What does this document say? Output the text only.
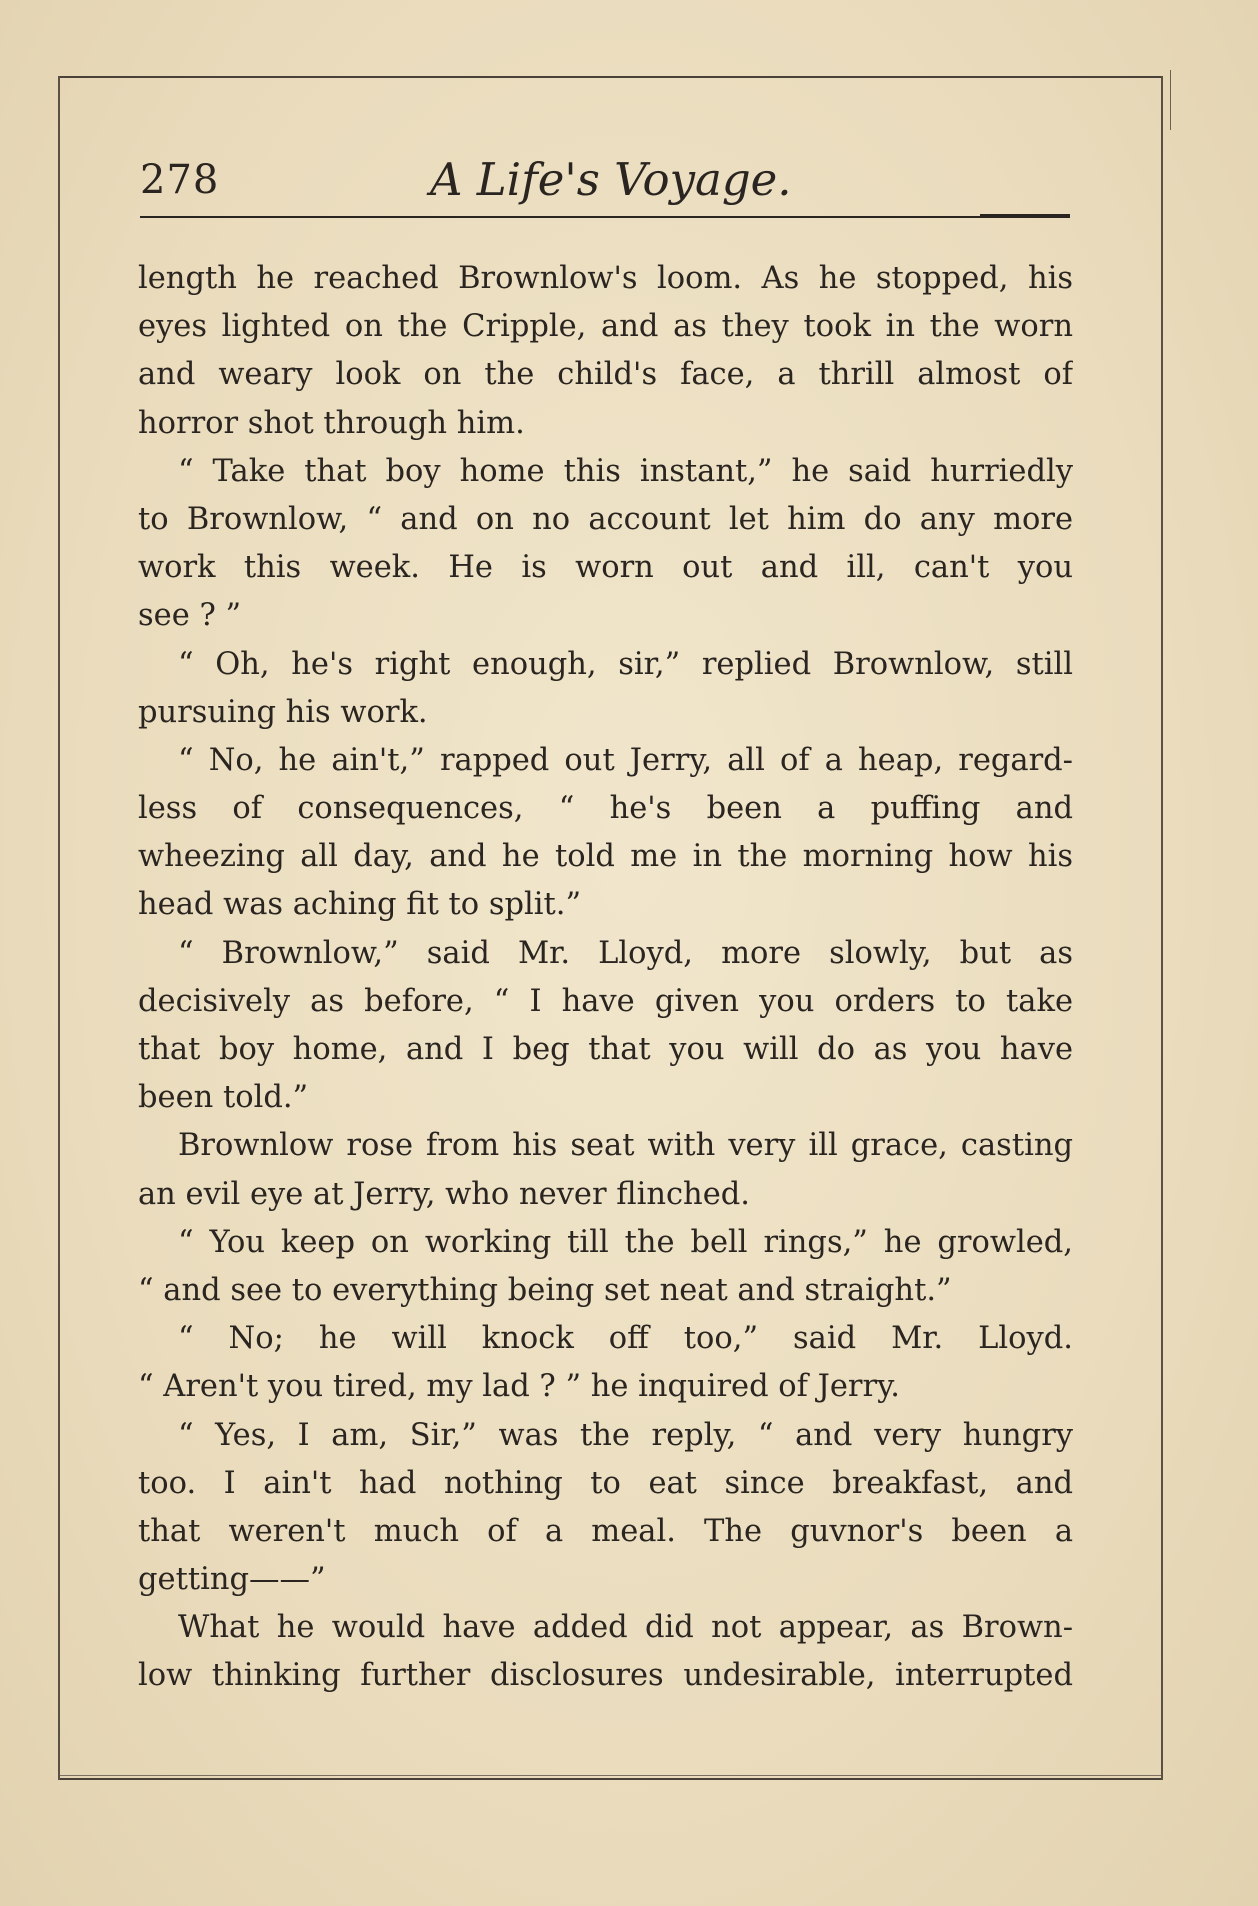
278	A Life's Voyage.
length he reached Brownlow's loom. As he stopped, his
eyes lighted on the Cripple, and as they took in the worn
and weary look on the child's face, a thrill almost of
horror shot through him.
“ Take that boy home this instant,” he said hurriedly
to Brownlow, “ and on no account let him do any more
work this week. He is worn out and ill, can't you
see ? ”
“ Oh, he's right enough, sir,” replied Brownlow, still
pursuing his work.
“ No, he ain't,” rapped out Jerry, all of a heap, regard-
less of consequences, “ he's been a puffing and
wheezing all day, and he told me in the morning how his
head was aching fit to split.”
“ Brownlow,” said Mr. Lloyd, more slowly, but as
decisively as before, “ I have given you orders to take
that boy home, and I beg that you will do as you have
been told.”
Brownlow rose from his seat with very ill grace, casting
an evil eye at Jerry, who never flinched.
“ You keep on working till the bell rings,” he growled,
“ and see to everything being set neat and straight.”
“ No; he will knock off too,” said Mr. Lloyd.
“ Aren't you tired, my lad ? ” he inquired of Jerry.
“ Yes, I am, Sir,” was the reply, “ and very hungry
too. I ain't had nothing to eat since breakfast, and
that weren't much of a meal. The guvnor's been a
getting——”
What he would have added did not appear, as Brown-
low thinking further disclosures undesirable, interrupted
